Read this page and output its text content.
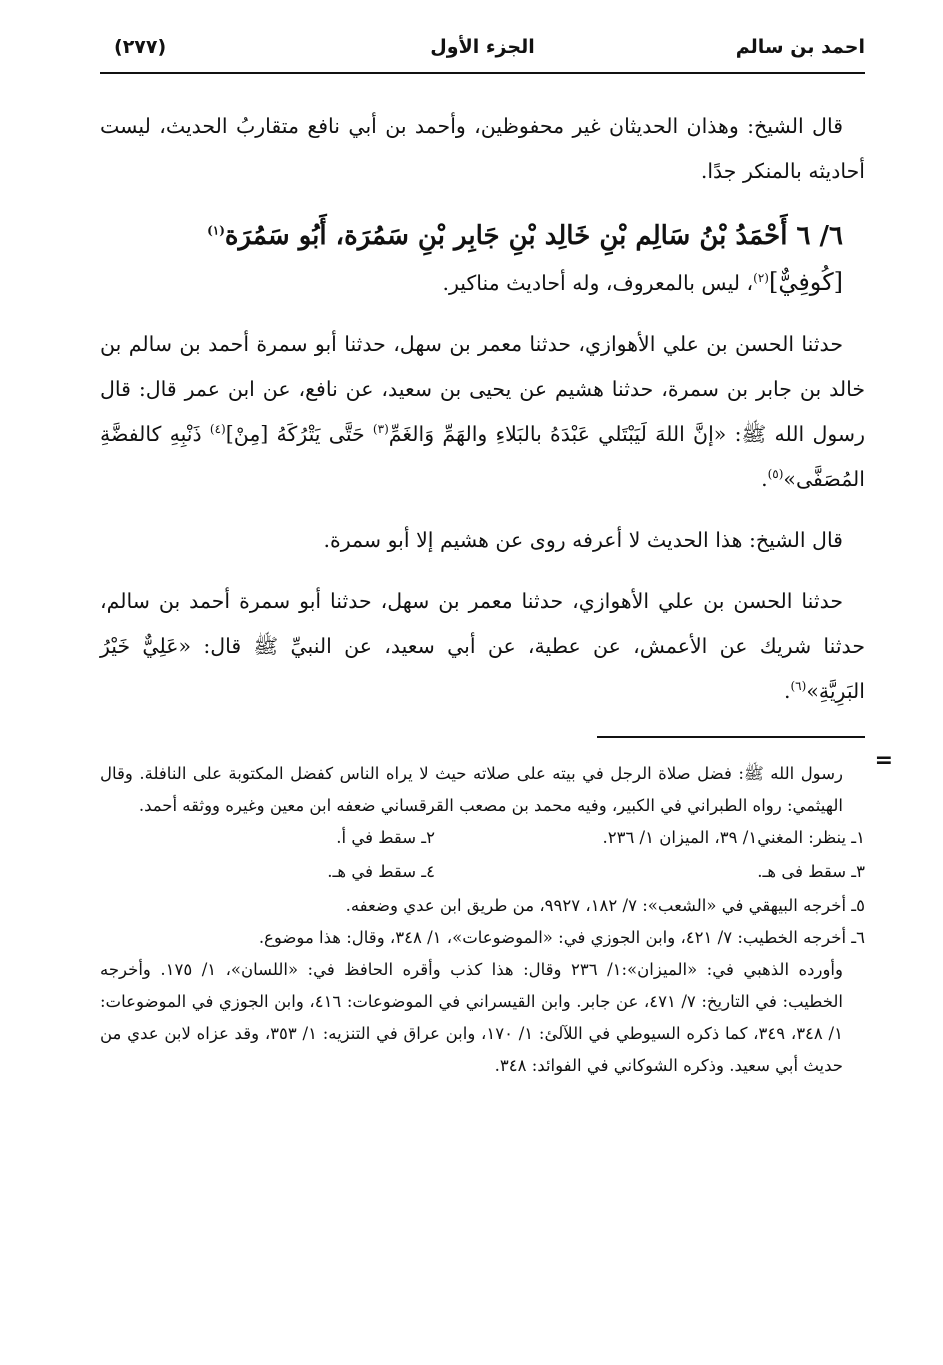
احمد بن سالم
الجزء الأول
(٢٧٧)

قال الشيخ: وهذان الحديثان غير محفوظين، وأحمد بن أبي نافع متقاربُ الحديث، ليست أحاديثه بالمنكر جدًا.

٦/ ٦ أَحْمَدُ بْنُ سَالِم بْنِ خَالِد بْنِ جَابِر بْنِ سَمُرَة، أَبُو سَمُرَة$^{(١)}$

[كُوفِيٌّ]$^{(٢)}$، ليس بالمعروف، وله أحاديث مناكير.

حدثنا الحسن بن علي الأهوازي، حدثنا معمر بن سهل، حدثنا أبو سمرة أحمد بن سالم بن خالد بن جابر بن سمرة، حدثنا هشيم عن يحيى بن سعيد، عن نافع، عن ابن عمر قال: قال رسول الله ﷺ: «إنَّ اللهَ لَيَبْتَلي عَبْدَهُ بالبَلاءِ والهَمِّ وَالغَمِّ$^{(٣)}$ حَتَّى يَتْرُكَهُ [مِنْ]$^{(٤)}$ ذَنْبِهِ كالفضَّةِ المُصَفَّى»$^{(٥)}$.

قال الشيخ: هذا الحديث لا أعرفه روى عن هشيم إلا أبو سمرة.

حدثنا الحسن بن علي الأهوازي، حدثنا معمر بن سهل، حدثنا أبو سمرة أحمد بن سالم، حدثنا شريك عن الأعمش، عن عطية، عن أبي سعيد، عن النبيِّ ﷺ قال: «عَلِيٌّ خَيْرُ البَرِيَّةِ»$^{(٦)}$.

=

رسول الله ﷺ: فضل صلاة الرجل في بيته على صلاته حيث لا يراه الناس كفضل المكتوبة على النافلة. وقال الهيثمي: رواه الطبراني في الكبير، وفيه محمد بن مصعب القرقساني ضعفه ابن معين وغيره ووثقه أحمد.

١ـ ينظر: المغني١/ ٣٩، الميزان ١/ ٢٣٦.
٢ـ سقط في أ.
٣ـ سقط فى هـ.
٤ـ سقط في هـ.

٥ـ أخرجه البيهقي في «الشعب»: ٧/ ١٨٢، ٩٩٢٧، من طريق ابن عدي وضعفه.

٦ـ أخرجه الخطيب: ٧/ ٤٢١، وابن الجوزي في: «الموضوعات»، ١/ ٣٤٨، وقال: هذا موضوع.

وأورده الذهبي في: «الميزان»:١/ ٢٣٦ وقال: هذا كذب وأقره الحافظ في: «اللسان»، ١/ ١٧٥. وأخرجه الخطيب: في التاريخ: ٧/ ٤٧١، عن جابر. وابن القيسراني في الموضوعات: ٤١٦، وابن الجوزي في الموضوعات: ١/ ٣٤٨، ٣٤٩، كما ذكره السيوطي في اللآلئ: ١/ ١٧٠، وابن عراق في التنزيه: ١/ ٣٥٣، وقد عزاه لابن عدي من حديث أبي سعيد. وذكره الشوكاني في الفوائد: ٣٤٨.
